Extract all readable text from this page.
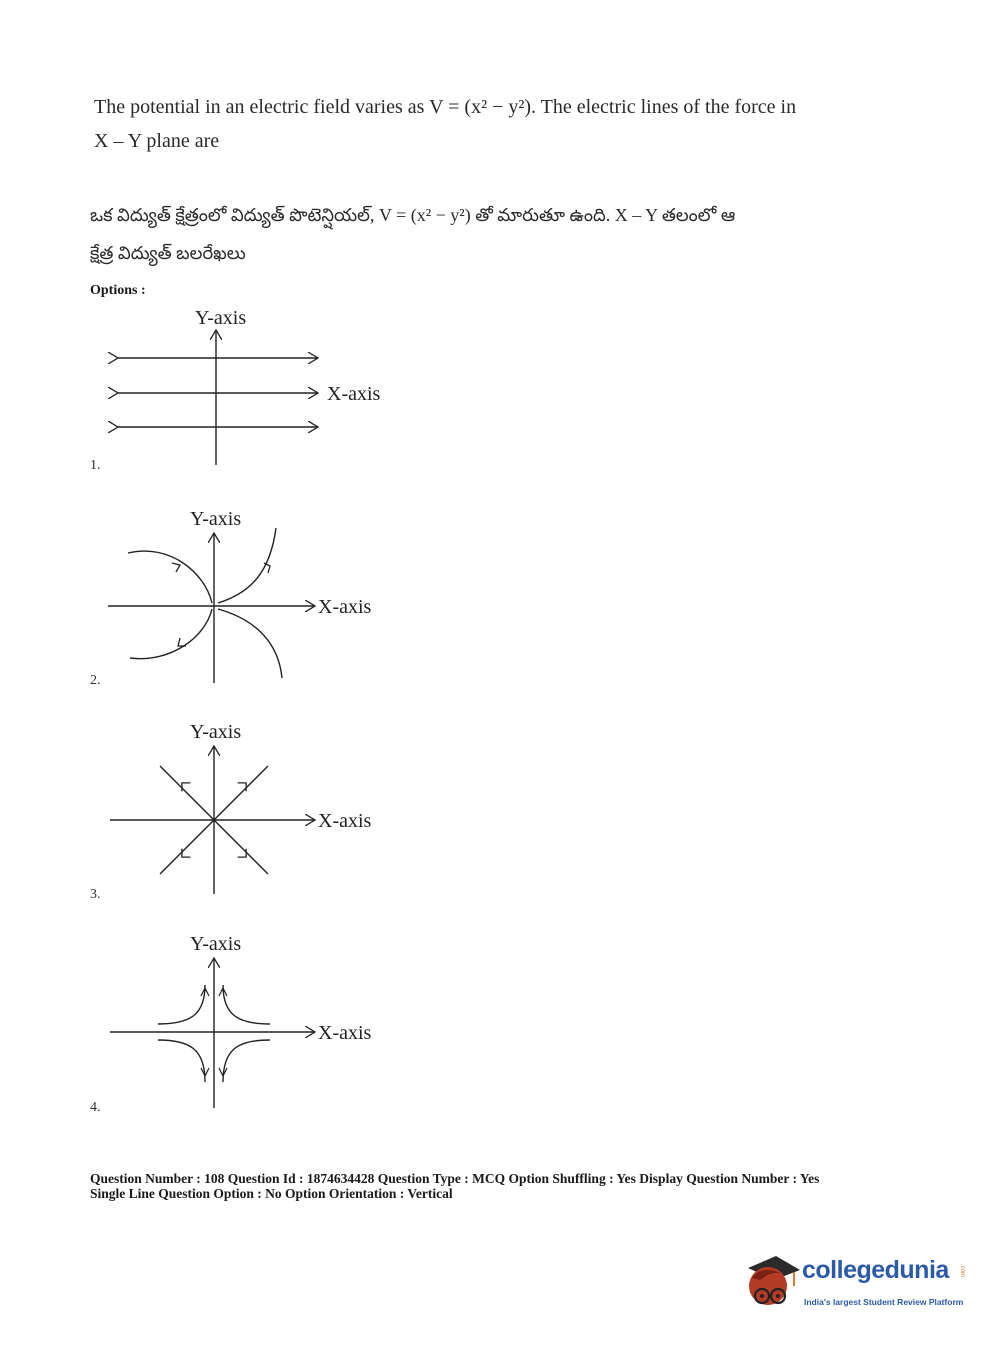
The potential in an electric field varies as V = (x² − y²). The electric lines of the force in
X – Y plane are
ఒక విద్యుత్ క్షేత్రంలో విద్యుత్ పొటెన్షియల్, V = (x² − y²) తో మారుతూ ఉంది. X – Y తలంలో ఆ
క్షేత్ర విద్యుత్ బలరేఖలు
Options :
Y-axis
X-axis
1.
Y-axis
X-axis
2.
Y-axis
X-axis
3.
Y-axis
X-axis
4.
Question Number : 108 Question Id : 1874634428 Question Type : MCQ Option Shuffling : Yes Display Question Number : Yes
Single Line Question Option : No Option Orientation : Vertical
collegedunia .com
India's largest Student Review Platform
